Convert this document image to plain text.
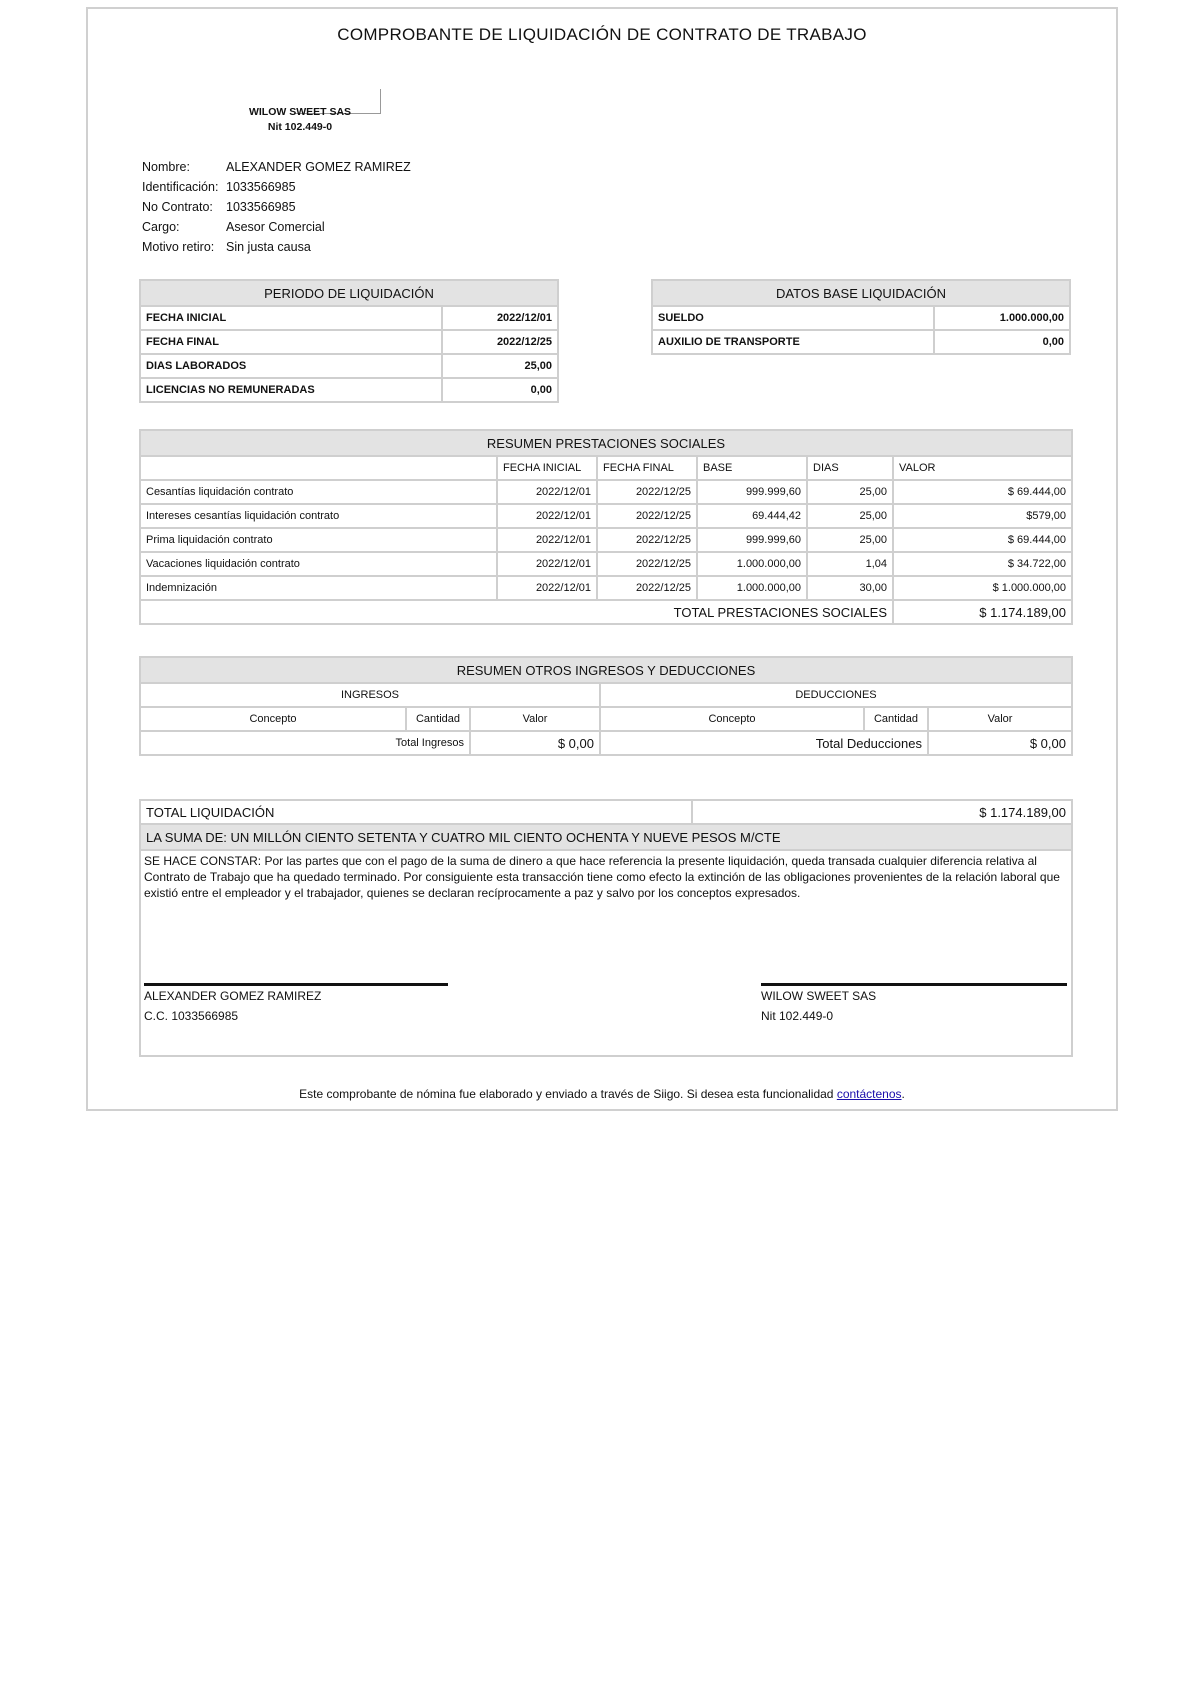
COMPROBANTE DE LIQUIDACIÓN DE CONTRATO DE TRABAJO
WILOW SWEET SAS
Nit 102.449-0
Nombre:	ALEXANDER GOMEZ RAMIREZ
Identificación: 1033566985
No Contrato:	1033566985
Cargo:	Asesor Comercial
Motivo retiro: Sin justa causa
PERIODO DE LIQUIDACIÓN	
FECHA INICIAL	2022/12/01
FECHA FINAL	2022/12/25
DIAS LABORADOS	25,00
LICENCIAS NO REMUNERADAS	0,00
DATOS BASE LIQUIDACIÓN	
SUELDO	1.000.000,00
AUXILIO DE TRANSPORTE	0,00
RESUMEN PRESTACIONES SOCIALES					
	FECHA INICIAL	FECHA FINAL	BASE	DIAS	VALOR
Cesantías liquidación contrato	2022/12/01	2022/12/25	999.999,60	25,00	$ 69.444,00
Intereses cesantías liquidación contrato	2022/12/01	2022/12/25	69.444,42	25,00	$579,00
Prima liquidación contrato	2022/12/01	2022/12/25	999.999,60	25,00	$ 69.444,00
Vacaciones liquidación contrato	2022/12/01	2022/12/25	1.000.000,00	1,04	$ 34.722,00
Indemnización	2022/12/01	2022/12/25	1.000.000,00	30,00	$ 1.000.000,00
TOTAL PRESTACIONES SOCIALES					$ 1.174.189,00
RESUMEN OTROS INGRESOS Y DEDUCCIONES					
INGRESOS			DEDUCCIONES		
Concepto	Cantidad	Valor	Concepto	Cantidad	Valor
Total Ingresos		$ 0,00	Total Deducciones		$ 0,00
TOTAL LIQUIDACIÓN	$ 1.174.189,00
LA SUMA DE: UN MILLÓN CIENTO SETENTA Y CUATRO MIL CIENTO OCHENTA Y NUEVE PESOS M/CTE

SE HACE CONSTAR: Por las partes que con el pago de la suma de dinero a que hace referencia la presente liquidación, queda transada cualquier diferencia relativa al Contrato de Trabajo que ha quedado terminado. Por consiguiente esta transacción tiene como efecto la extinción de las obligaciones provenientes de la relación laboral que existió entre el empleador y el trabajador, quienes se declaran recíprocamente a paz y salvo por los conceptos expresados.
ALEXANDER GOMEZ RAMIREZ
C.C. 1033566985
WILOW SWEET SAS
Nit 102.449-0
Este comprobante de nómina fue elaborado y enviado a través de Siigo. Si desea esta funcionalidad contáctenos.
